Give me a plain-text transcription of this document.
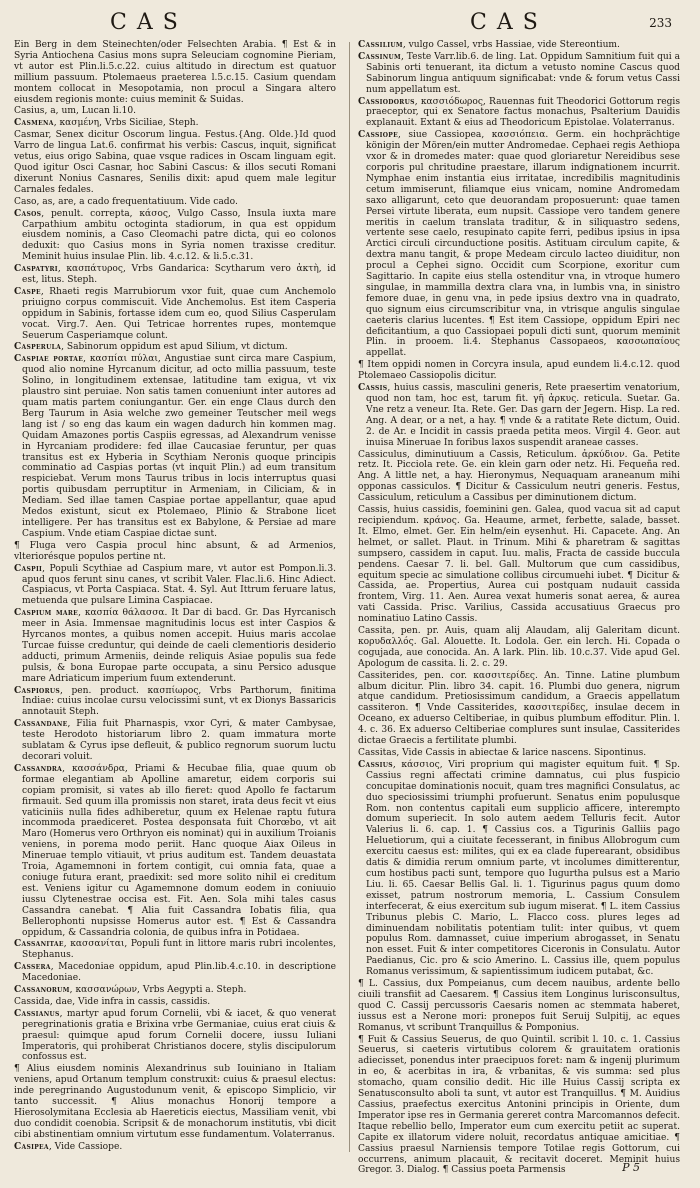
CAS	CAS	233

Ein Berg in dem Steinechten/oder Felsechten Arabia. ¶ Est & in Syria Antiochena Casius mons supra Seleuciam cognomine Pieriam, vt autor est Plin.li.5.c.22. cuius altitudo in directum est quatuor millium passuum. Ptolemaeus praeterea l.5.c.15. Casium quendam montem collocat in Mesopotamia, non procul a Singara altero eiusdem regionis monte: cuius meminit & Suidas.

Casius, a, um, Lucan li.10.

Casmena, κασμένη, Vrbs Siciliae, Steph.

Casmar, Senex dicitur Oscorum lingua. Festus.{Ang. Olde.}Id quod Varro de lingua Lat.6. confirmat his verbis: Cascus, inquit, significat vetus, eius origo Sabina, quae vsque radices in Oscam linguam egit. Quod igitur Osci Casnar, hoc Sabini Cascus: & illos secuti Romani dixerunt Nonius Casnares, Senilis dixit: apud quem male legitur Carnales fedales.

Caso, as, are, a cado frequentatiuum. Vide cado.

Casos, penult. correpta, κάσος, Vulgo Casso, Insula iuxta mare Carpathium ambitu octoginta stadiorum, in qua est oppidum eiusdem nominis, a Caso Cleomachi patre dicta, qui eo colonos deduxit: quo Casius mons in Syria nomen traxisse creditur. Meminit huius insulae Plin. lib. 4.c.12. & li.5.c.31.

Caspatyri, κασπάτυρος, Vrbs Gandarica: Scytharum vero ἀκτὴ, id est, litus. Steph.

Caspe, Rhaeti regis Marrubiorum vxor fuit, quae cum Anchemolo priuigno corpus commiscuit. Vide Anchemolus. Est item Casperia oppidum in Sabinis, fortasse idem cum eo, quod Silius Casperulam vocat. Virg.7. Aen. Qui Tetricae horrentes rupes, montemque Seuerum Casperiamque colunt.

Casperula, Sabinorum oppidum est apud Silium, vt dictum.

Caspiae portae, κασπίαι πύλαι, Angustiae sunt circa mare Caspium, quod alio nomine Hyrcanum dicitur, ad octo millia passuum, teste Solino, in longitudinem extensae, latitudine tam exigua, vt vix plaustro sint peruiae. Non satis tamen conueniunt inter autores ad quam matis partem coniungantur. Ger. ein enge Claus durch den Berg Taurum in Asia welche zwo gemeiner Teutscher meil wegs lang ist / so eng das kaum ein wagen dadurch hin kommen mag. Quidam Amazones portis Caspiis egressas, ad Alexandrum venisse in Hyrcaniam prodidere: fed illae Caucasiae feruntur, per quas transitus est ex Hyberia in Scythiam Neronis quoque principis comminatio ad Caspias portas (vt inquit Plin.) ad eum transitum respiciebat. Verum mons Taurus tribus in locis interruptus quasi portis quibusdam perruptitur in Armeniam, in Ciliciam, & in Mediam. Sed illae tamen Caspiae portae appellantur, quae apud Medos existunt, sicut ex Ptolemaeo, Plinio & Strabone licet intelligere. Per has transitus est ex Babylone, & Persiae ad mare Caspium. Vnde etiam Caspiae dictae sunt.

¶ Fluga vero Caspia procul hinc absunt, & ad Armenios, vlteriorésque populos pertine nt.

Caspii, Populi Scythiae ad Caspium mare, vt autor est Pompon.li.3. apud quos ferunt sinu canes, vt scribit Valer. Flac.li.6. Hinc Adiect. Caspiacus, vt Porta Caspiaca. Stat. 4. Syl. Aut Ittrum feruare latus, metuenda que pulsare Limina Caspiacae.

Caspium mare, κασπία θάλασσα. It Dar di bacd. Gr. Das Hyrcanisch meer in Asia. Immensae magnitudinis locus est inter Caspios & Hyrcanos montes, a quibus nomen accepit. Huius maris accolae Turcae fuisse creduntur, qui deinde de caeli clementioris desiderio adducti, primum Armeniis, deinde reliquis Asiae populis sua fede pulsis, & bona Europae parte occupata, a sinu Persico adusque mare Adriaticum imperium fuum extenderunt.

Caspiorus, pen. product. κασπίωρος, Vrbs Parthorum, finitima Indiae: cuius incolae cursu velocissimi sunt, vt ex Dionys Bassaricis annotauit Steph.

Cassandane, Filia fuit Pharnaspis, vxor Cyri, & mater Cambysae, teste Herodoto historiarum libro 2. quam immatura morte sublatam & Cyrus ipse defleuit, & publico regnorum suorum luctu decorari voluit.

Cassandra, κασσάνδρα, Priami & Hecubae filia, quae quum ob formae elegantiam ab Apolline amaretur, eidem corporis sui copiam promisit, si vates ab illo fieret: quod Apollo fe factarum firmauit. Sed quum illa promissis non staret, irata deus fecit vt eius vaticiniis nulla fides adhiberetur, quum ex Helenae raptu futura incommoda praediceret. Postea desponsata fuit Chorœbo, vt ait Maro (Homerus vero Orthryon eis nominat) qui in auxilium Troianis veniens, in porema modo periit. Hanc quoque Aiax Oileus in Mineruae templo vitiauit, vt prius auditum est. Tandem deuastata Troia, Agamemnoni in fortem contigit, cui omnia fata, quae a coniuge futura erant, praedixit: sed more solito nihil ei creditum est. Veniens igitur cu Agamemnone domum eodem in coniuuio iussu Clytenestrae occisa est. Fit. Aen. Sola mihi tales casus Cassandra canebat. ¶ Alia fuit Cassandra Iobatis filia, qua Bellerophonti nupsisse Homerus autor est. ¶ Est & Cassandra oppidum, & Cassandria colonia, de quibus infra in Potidaea.

Cassanitae, κασσανίται, Populi funt in littore maris rubri incolentes, Stephanus.

Cassera, Macedoniae oppidum, apud Plin.lib.4.c.10. in descriptione Macedoniae.

Cassanorum, κασσανώρων, Vrbs Aegypti a. Steph.

Cassida, dae, Vide infra in cassis, cassidis.

Cassianus, martyr apud forum Cornelii, vbi & iacet, & quo venerat peregrinationis gratia e Brixina vrbe Germaniae, cuius erat ciuis & praesul: quimque apud forum Cornelii docere, iussu Iuliani Imperatoris, qui prohiberat Christianos docere, stylis discipulorum confossus est.

¶ Alius eiusdem nominis Alexandrinus sub Iouiniano in Italiam veniens, apud Ortanum templum construxit: cuius & praesul electus: inde peregrinando Augustodunum venit, & episcopo Simplicio, vir tanto successit. ¶ Alius monachus Honorij tempore a Hierosolymitana Ecclesia ab Haereticis eiectus, Massiliam venit, vbi duo condidit coenobia. Scripsit & de monachorum institutis, vbi dicit cibi abstinentiam omnium virtutum esse fundamentum. Volaterranus.

Casipea, Vide Cassiope.

Cassilium, vulgo Cassel, vrbs Hassiae, vide Stereontium.

Cassinum, Teste Varr.lib.6. de ling. Lat. Oppidum Samnitium fuit qui a Sabinis orti tenuerant, ita dictum a vetusto nomine Cascus quod Sabinorum lingua antiquum significabat: vnde & forum vetus Cassi num appellatum est.

Cassiodorus, κασσιόδωρος, Rauennas fuit Theodorici Gottorum regis praeceptor, qui ex Senatore factus monachus, Psalterium Dauidis explanauit. Extant & eius ad Theodoricum Epistolae. Volaterranus.

Cassiope, siue Cassiopea, κασσιόπεια. Germ. ein hochprächtige königin der Mören/ein mutter Andromedae. Cephaei regis Aethiopa vxor & in dromedes mater: quae quod gloriaretur Nereidibus sese corporis pul chritudine praestare, illarum indignationem incurrit. Nymphae enim instantia eius irritatae, incredibilis magnitudinis cetum immiserunt, filiamque eius vnicam, nomine Andromedam saxo alligarunt, ceto que deuorandam proposuerunt: quae tamen Persei virtute liberata, eum nupsit. Cassiope vero tandem genere meritis in caelum translata traditur, & in siliquastro sedens, vertente sese caelo, resupinato capite ferri, pedibus ipsius in ipsa Arctici circuli circunductione positis. Astituam circulum capite, & dextra manu tangit, & prope Medeam circulo lacteo diuiditur, non procul a Cephei signo. Occidit cum Scorpione, exoritur cum Sagittario. In capite eius stella ostenditur vna, in vtroque humero singulae, in mammilla dextra clara vna, in lumbis vna, in sinistro femore duae, in genu vna, in pede ipsius dextro vna in quadrato, quo signum eius circumscribitur vna, in vtrisque angulis singulae caeteris clarius lucentes. ¶ Est item Cassiope, oppidum Epiri nec deficitantium, a quo Cassiopaei populi dicti sunt, quorum meminit Plin. in prooem. li.4. Stephanus Cassopaeos, κασσωπαίους appellat.

¶ Item oppidi nomen in Corcyra insula, apud eundem li.4.c.12. quod Ptolemaeo Cassiopolis dicitur.

Cassis, huius cassis, masculini generis, Rete praesertim venatorium, quod non tam, hoc est, tarum fit. γῆ ἀρκυς. reticula. Suetar. Ga. Vne retz a veneur. Ita. Rete. Ger. Das garn der Jegern. Hisp. La red. Ang. A dear, or a net, a hay. ¶ vnde & a ratitate Rete dictum, Ouid. 2. de Ar. e Incidit in cassis praeda petita meos. Virgil 4. Geor. aut inuisa Mineruae In foribus laxos suspendit araneae casses.

Cassiculus, diminutiuum a Cassis, Reticulum. ἀρκύδιον. Ga. Petite retz. It. Picciola rete. Ge. ein klein garn oder netz. Hi. Fequeña red. Ang. A little net, a hay. Hieronymus, Nequaquam araneanum mihi opponas cassiculos. ¶ Dicitur & Cassiculum neutri generis. Festus, Cassiculum, reticulum a Cassibus per diminutionem dictum.

Cassis, huius cassidis, foeminini gen. Galea, quod vacua sit ad caput recipiendum. κράνος. Ga. Heaume, armet, ferbette, salade, basset. It. Elmo, elmet. Ger. Ein helm/ein eysenhut. Hi. Capacete. Ang. An helmet, or sallet. Plaut. in Trinum. Mihi & pharetram & sagittas sumpsero, cassidem in caput. Iuu. malis, Fracta de casside buccula pendens. Caesar 7. li. bel. Gall. Multorum que cum cassidibus, equitum specie ac simulatione collibus circumuehi iubet. ¶ Dicitur & Cassida, ae. Propertius, Aurea cui postquam nudauit cassida frontem, Virg. 11. Aen. Aurea vexat humeris sonat aerea, & aurea vati Cassida. Prisc. Varilius, Cassida accusatiuus Graecus pro nominatiuo Latino Cassis.

Cassita, pen. pr. Auis, quam alij Alaudam, alij Galeritam dicunt. κορυδαλλός. Gal. Alouette. It. Lodola. Ger. ein lerch. Hi. Copada o cogujada, aue conocida. An. A lark. Plin. lib. 10.c.37. Vide apud Gel. Apologum de cassita. li. 2. c. 29.

Cassiterides, pen. cor. κασσιτερίδες. An. Tinne. Latine plumbum album dicitur. Plin. libro 34. capit. 16. Plumbi duo genera, nigrum atque candidum. Pretiosissimum candidum, a Graecis appellatum cassiteron. ¶ Vnde Cassiterides, κασσιτερίδες, insulae decem in Oceano, ex aduerso Celtiberiae, in quibus plumbum effoditur. Plin. l. 4. c. 36. Ex aduerso Celtiberiae complures sunt insulae, Cassiterides dictae Graecis a fertilitate plumbi.

Cassitas, Vide Cassis in abiectae & larice nascens. Sipontinus.

Cassius, κάσσιος, Viri proprium qui magister equitum fuit. ¶ Sp. Cassius regni affectati crimine damnatus, cui plus fuspicio concupitae dominationis nocuit, quam tres magnifici Consulatus, ac duo speciosissimi triumphi profuerunt. Senatus enim populusque Rom. non contentus capitali eum supplicio afficere, interempto domum superiecit. In solo autem aedem Telluris fecit. Autor Valerius li. 6. cap. 1. ¶ Cassius cos. a Tigurinis Galliis pago Heluetiorum, qui a ciuitate fecesserant, in finibus Allobrogum cum exercitu caesus est: milites, qui ex ea clade fuperearant, obsidibus datis & dimidia rerum omnium parte, vt incolumes dimitterentur, cum hostibus pacti sunt, tempore quo Iugurtha pulsus est a Mario Liu. li. 65. Caesar Bellis Gal. li. 1. Tigurinus pagus quum domo exisset, patrum nostrorum memoria, L. Cassium Consulem interfecerat, & eius exercitum sub iugum miserat. ¶ L. item Cassius Tribunus plebis C. Mario, L. Flacco coss. plures leges ad diminuendam nobilitatis potentiam tulit: inter quibus, vt quem populus Rom. damnasset, cuiue imperium abrogasset, in Senatu non esset. Fuit & inter competitores Ciceronis in Consulatu. Autor Paedianus, Cic. pro & scio Amerino. L. Cassius ille, quem populus Romanus verissimum, & sapientissimum iudicem putabat, &c.

¶ L. Cassius, dux Pompeianus, cum decem nauibus, ardente bello ciuili transfiit ad Caesarem. ¶ Cassius item Longinus lurisconsultus, quod C. Cassij percussoris Caesaris nomen ac stemmata haberet, iussus est a Nerone mori: pronepos fuit Seruij Sulpitij, ac eques Romanus, vt scribunt Tranquillus & Pomponius.

¶ Fuit & Cassius Seuerus, de quo Quintil. scribit l. 10. c. 1. Cassius Seuerus, si caeteris virtutibus colorem & grauitatem orationis adiecisset, ponendus inter praecipuos foret: nam & ingenij plurimum in eo, & acerbitas in ira, & vrbanitas, & vis summa: sed plus stomacho, quam consilio dedit. Hic ille Huius Cassij scripta ex Senatusconsulto aboli ta sunt, vt autor est Tranquillus. ¶ M. Auidius Cassius, praefectus exercitus Antonini principis in Oriente, dum Imperator ipse res in Germania gereret contra Marcomannos defecit. Itaque rebellio bello, Imperator eum cum exercitu petiit ac superat. Capite ex illatorum videre noluit, recordatus antiquae amicitiae. ¶ Cassius praesul Narniensis tempore Totilae regis Gottorum, cui occurrens, animum placauit, & recitavit doceret. Meminit huius Gregor. 3. Dialog. ¶ Cassius poeta Parmensis	P 5
